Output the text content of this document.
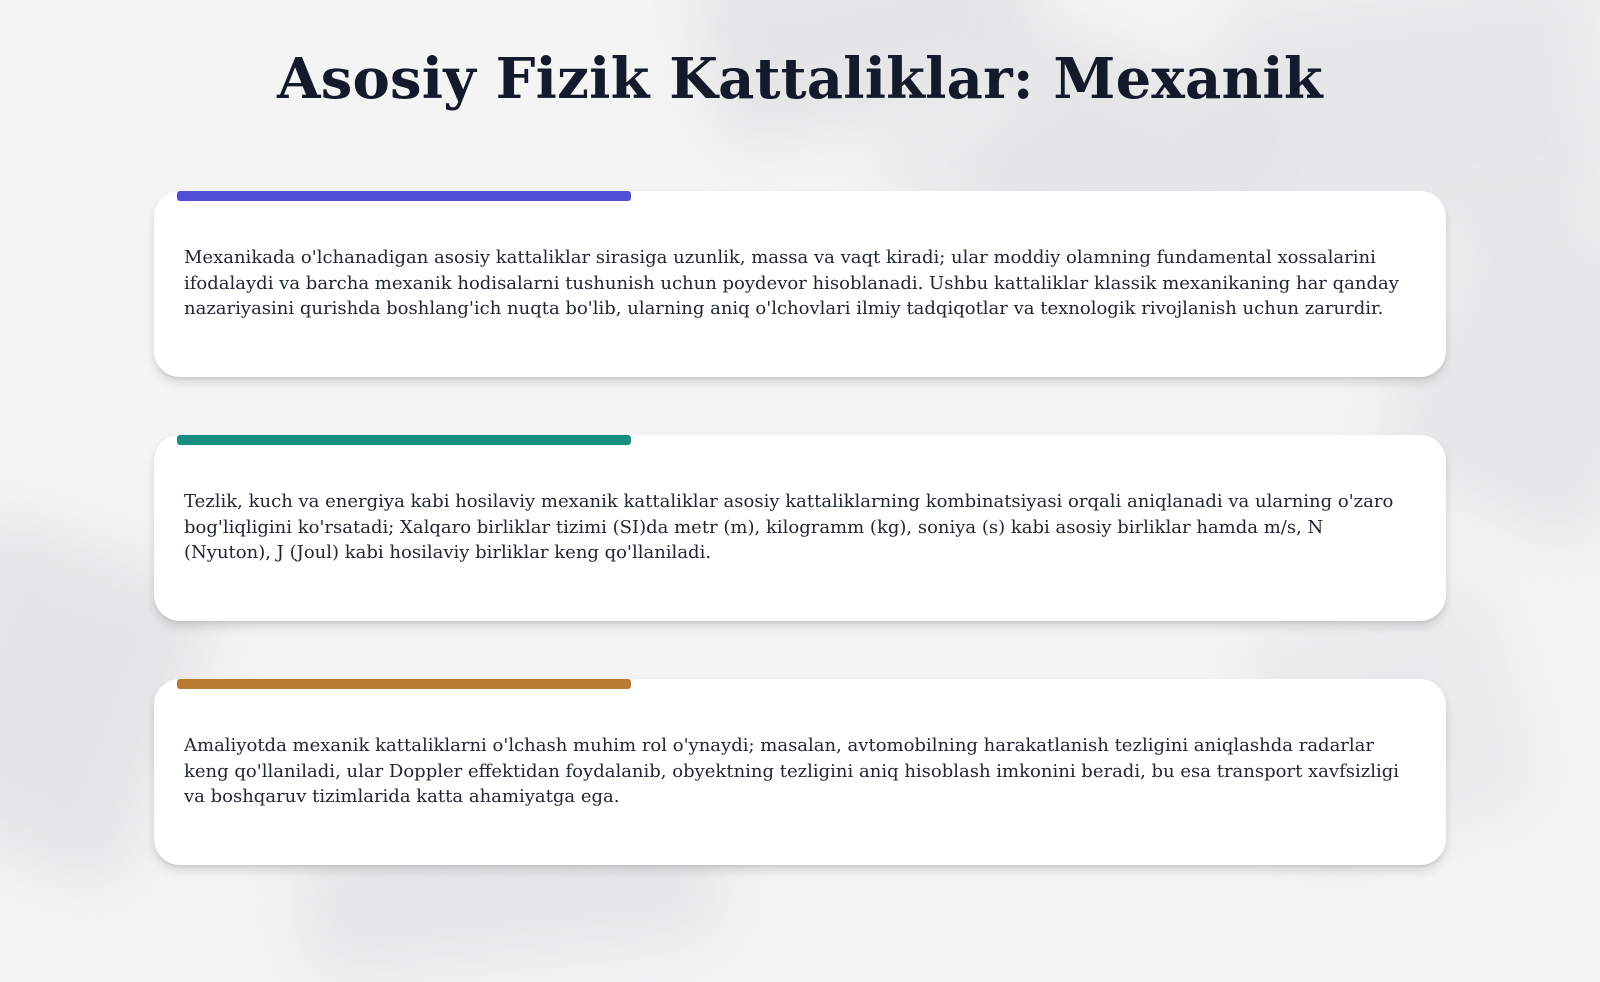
Asosiy Fizik Kattaliklar: Mexanik

Mexanikada o'lchanadigan asosiy kattaliklar sirasiga uzunlik, massa va vaqt kiradi; ular moddiy olamning fundamental xossalarini ifodalaydi va barcha mexanik hodisalarni tushunish uchun poydevor hisoblanadi. Ushbu kattaliklar klassik mexanikaning har qanday nazariyasini qurishda boshlang'ich nuqta bo'lib, ularning aniq o'lchovlari ilmiy tadqiqotlar va texnologik rivojlanish uchun zarurdir.

Tezlik, kuch va energiya kabi hosilaviy mexanik kattaliklar asosiy kattaliklarning kombinatsiyasi orqali aniqlanadi va ularning o'zaro bog'liqligini ko'rsatadi; Xalqaro birliklar tizimi (SI)da metr (m), kilogramm (kg), soniya (s) kabi asosiy birliklar hamda m/s, N (Nyuton), J (Joul) kabi hosilaviy birliklar keng qo'llaniladi.

Amaliyotda mexanik kattaliklarni o'lchash muhim rol o'ynaydi; masalan, avtomobilning harakatlanish tezligini aniqlashda radarlar keng qo'llaniladi, ular Doppler effektidan foydalanib, obyektning tezligini aniq hisoblash imkonini beradi, bu esa transport xavfsizligi va boshqaruv tizimlarida katta ahamiyatga ega.
